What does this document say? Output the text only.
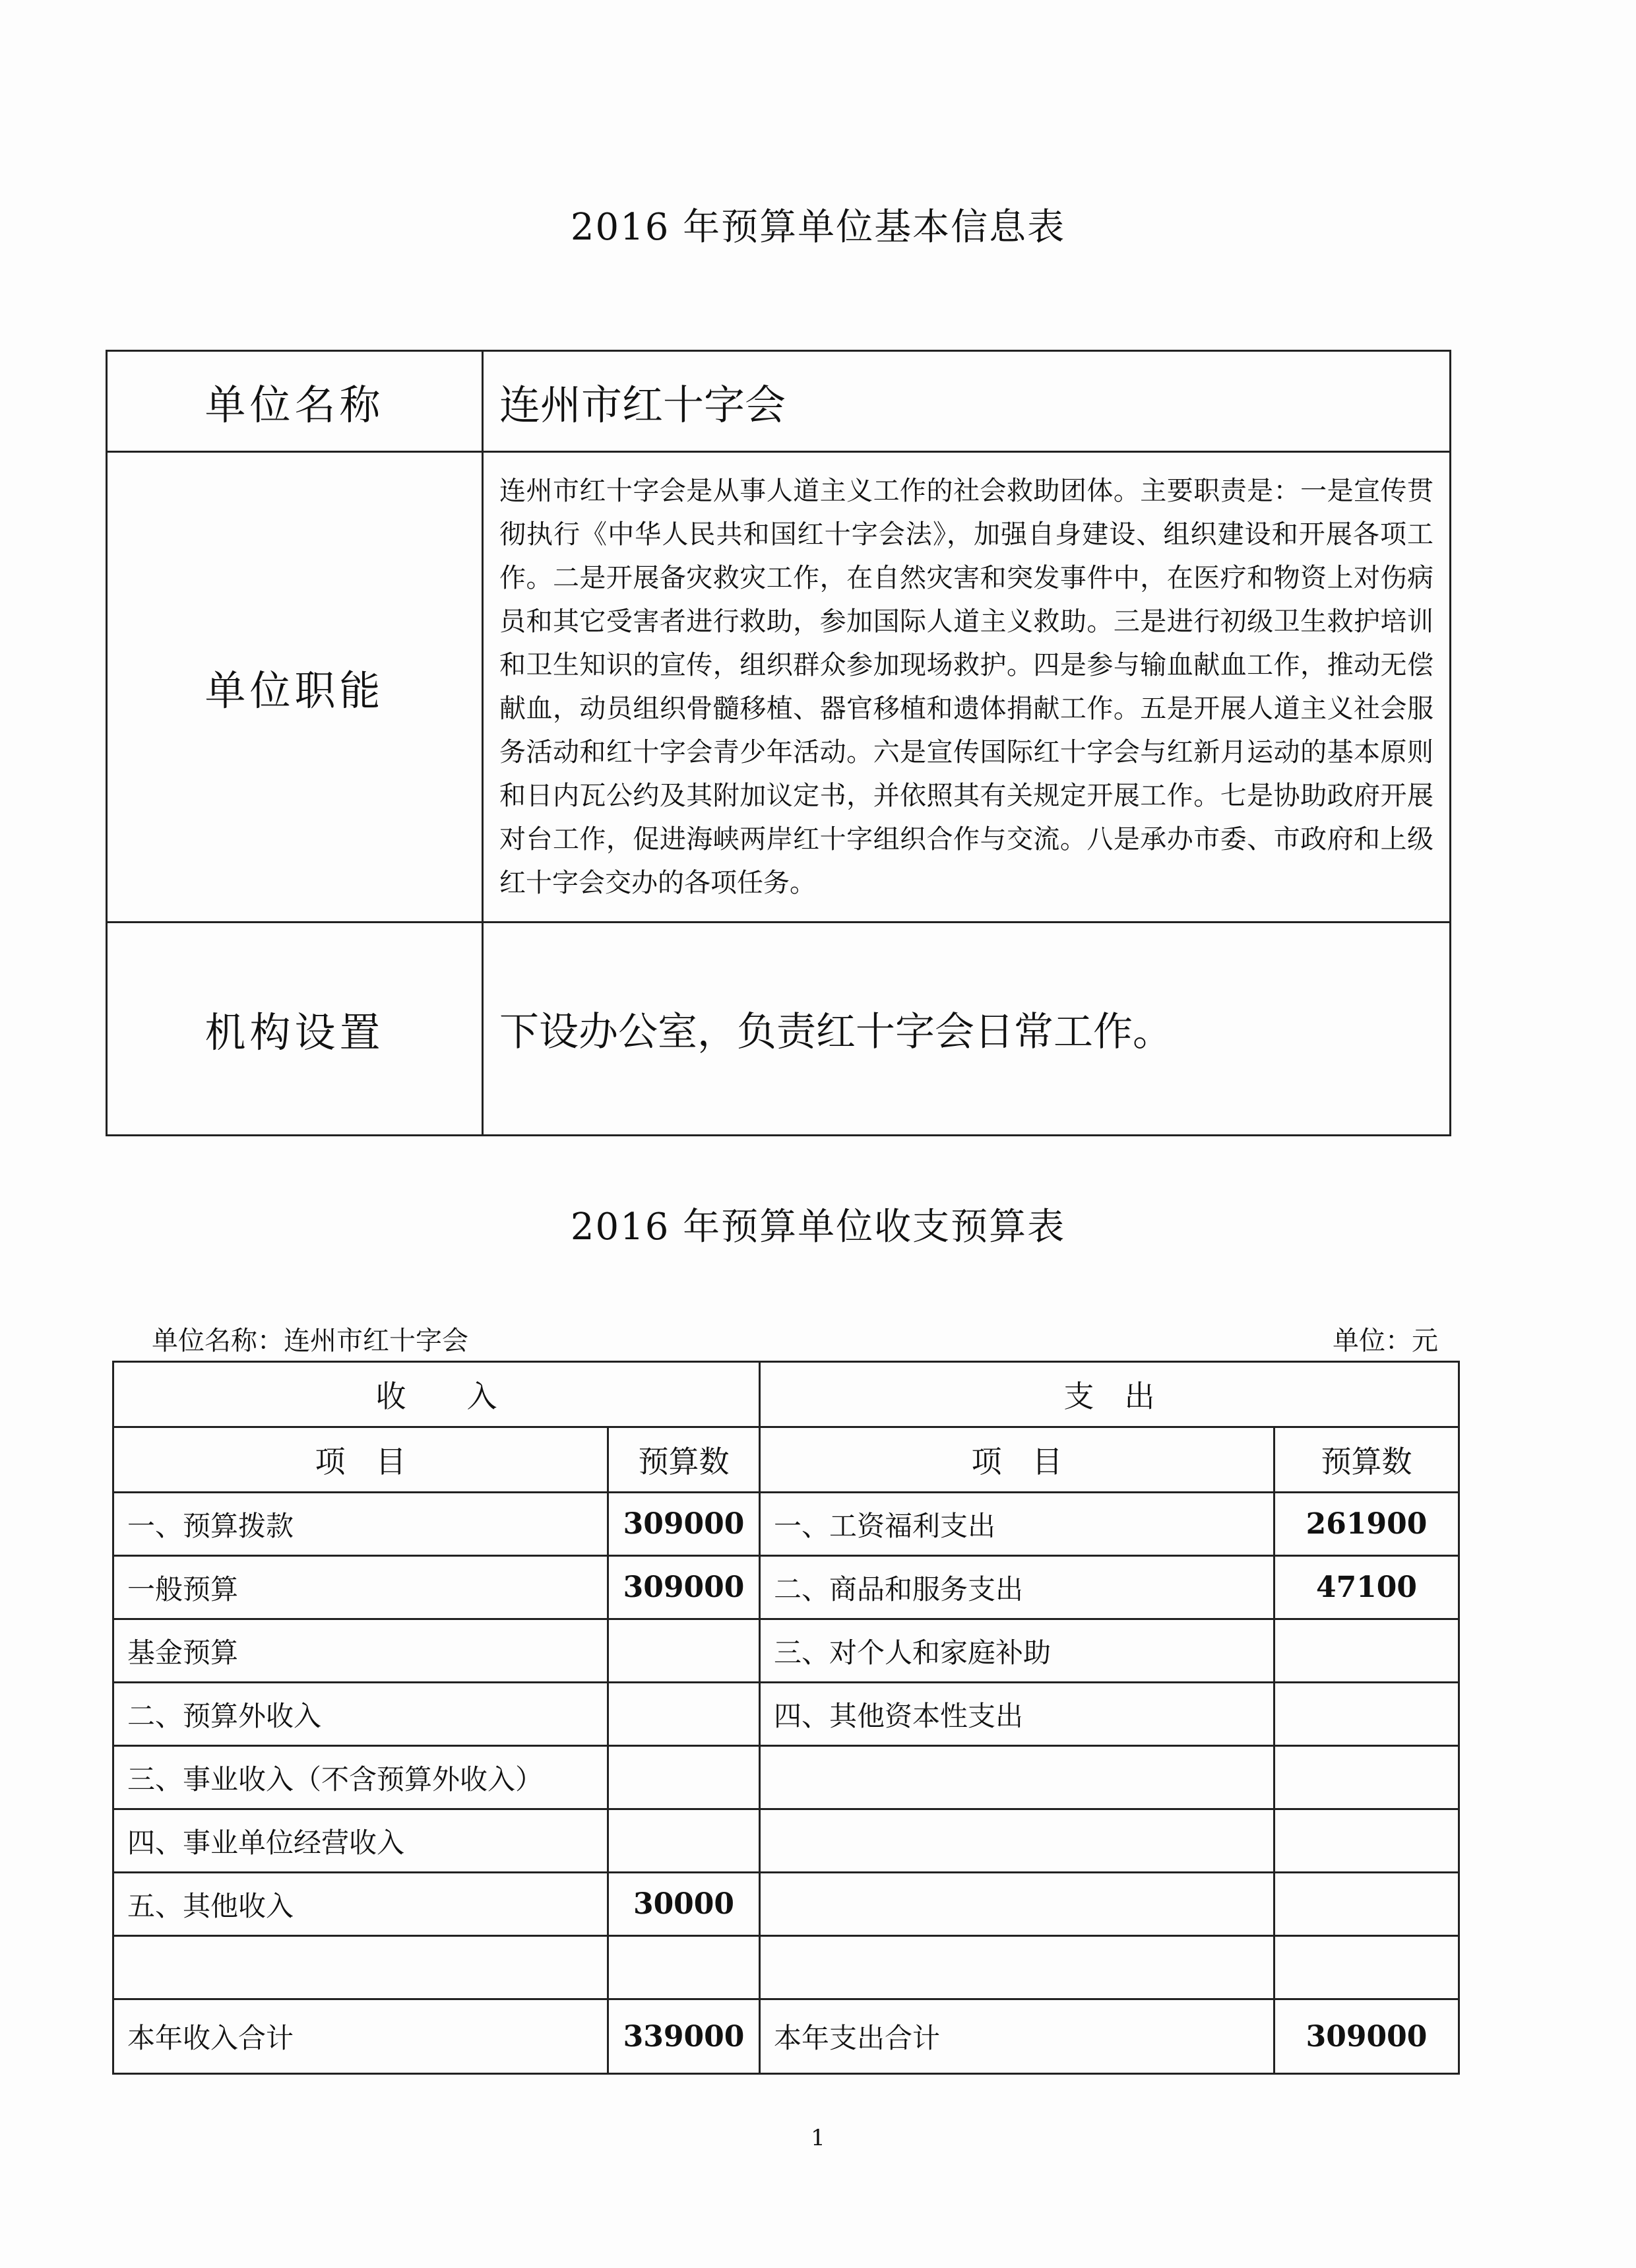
2016 年预算单位基本信息表
单位名称	连州市红十字会
单位职能	连州市红十字会是从事人道主义工作的社会救助团体。主要职责是：一是宣传贯彻执行《中华人民共和国红十字会法》，加强自身建设、组织建设和开展各项工作。二是开展备灾救灾工作，在自然灾害和突发事件中，在医疗和物资上对伤病员和其它受害者进行救助，参加国际人道主义救助。三是进行初级卫生救护培训和卫生知识的宣传，组织群众参加现场救护。四是参与输血献血工作，推动无偿献血，动员组织骨髓移植、器官移植和遗体捐献工作。五是开展人道主义社会服务活动和红十字会青少年活动。六是宣传国际红十字会与红新月运动的基本原则和日内瓦公约及其附加议定书，并依照其有关规定开展工作。七是协助政府开展对台工作，促进海峡两岸红十字组织合作与交流。八是承办市委、市政府和上级红十字会交办的各项任务。
机构设置	下设办公室，负责红十字会日常工作。
2016 年预算单位收支预算表
单位名称：连州市红十字会	单位：元
收　　入		支　出	
项　目	预算数	项　目	预算数
一、预算拨款	309000	一、工资福利支出	261900
一般预算	309000	二、商品和服务支出	47100
基金预算		三、对个人和家庭补助	
二、预算外收入		四、其他资本性支出	
三、事业收入（不含预算外收入）			
四、事业单位经营收入			
五、其他收入	30000		

本年收入合计	339000	本年支出合计	309000
1
